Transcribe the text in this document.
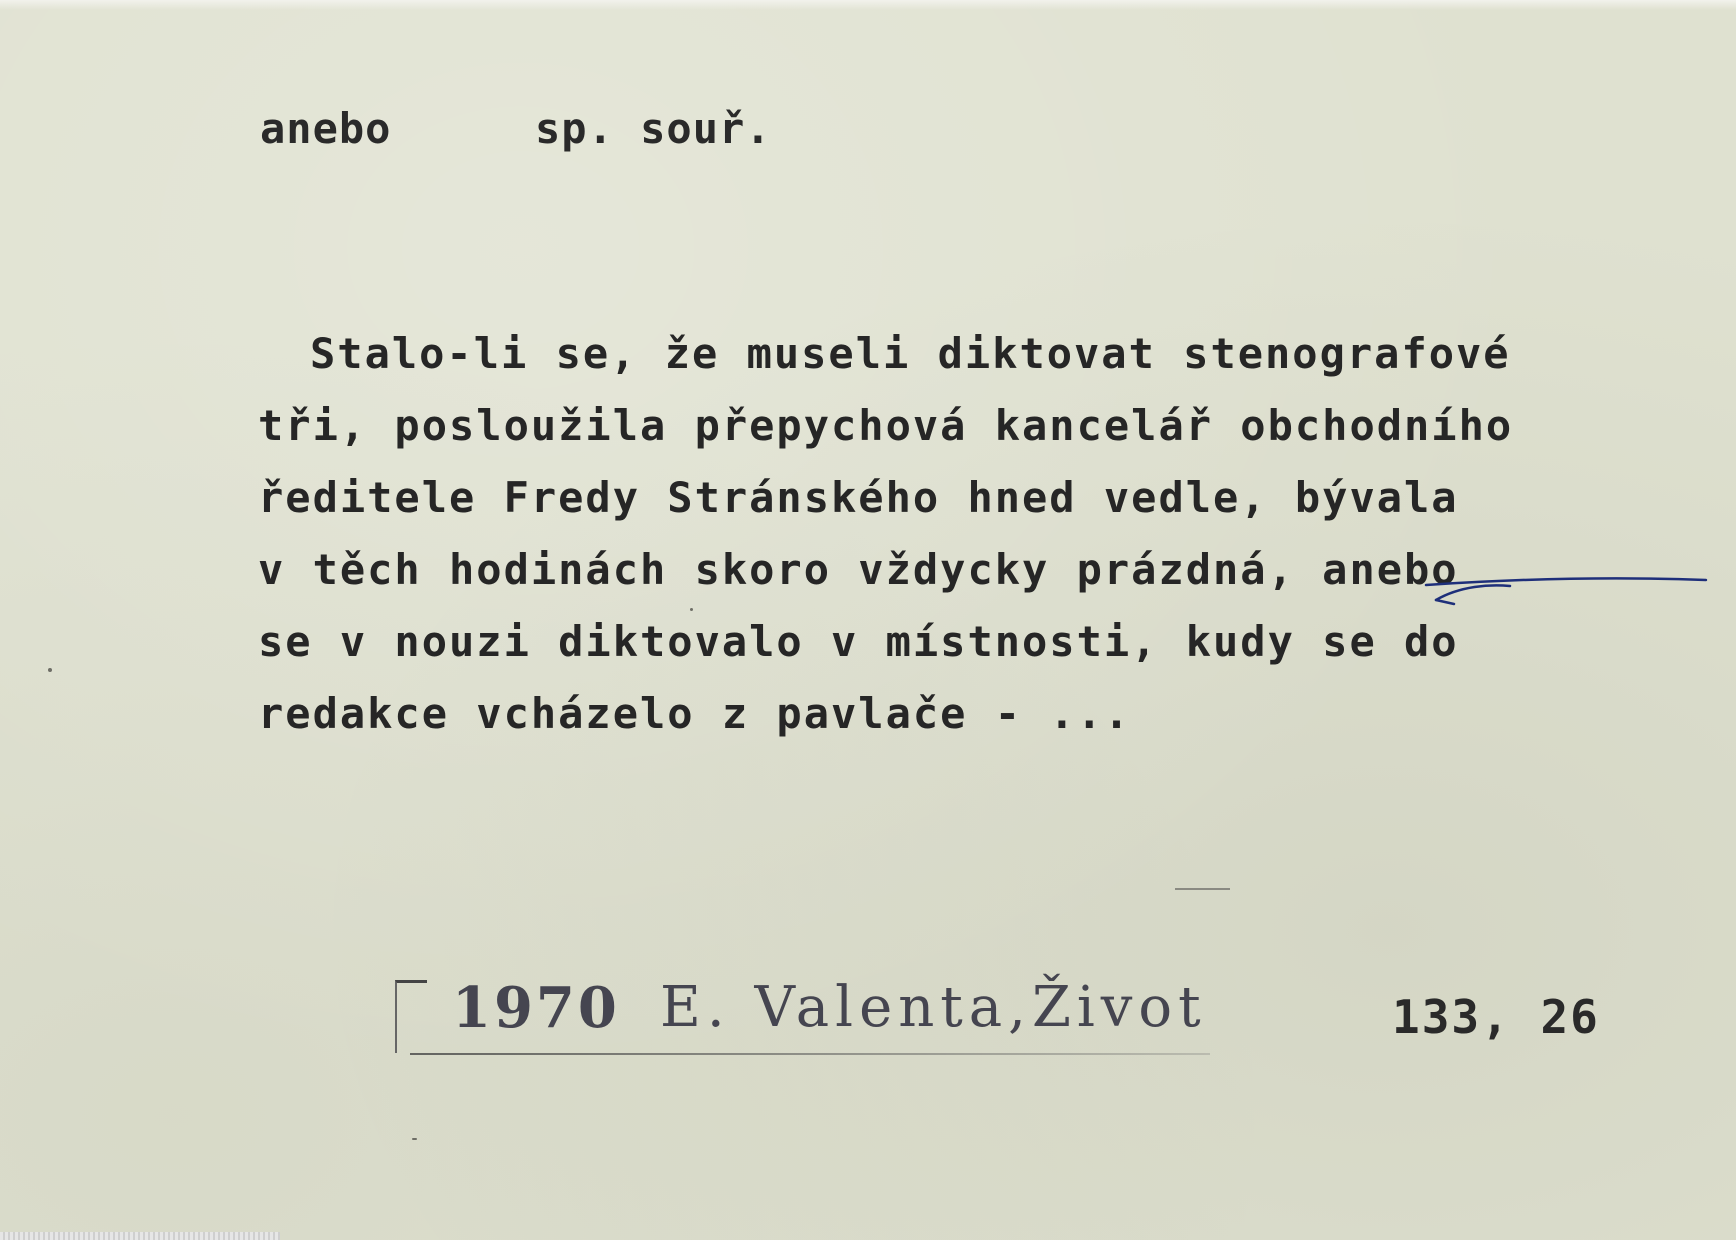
anebo	sp. souř.
Stalo-li se, že museli diktovat stenografové
tři, posloužila přepychová kancelář obchodního
ředitele Fredy Stránského hned vedle, bývala
v těch hodinách skoro vždycky prázdná, anebo
se v nouzi diktovalo v místnosti, kudy se do
redakce vcházelo z pavlače - ...
1970 E. Valenta,Život	133, 26
